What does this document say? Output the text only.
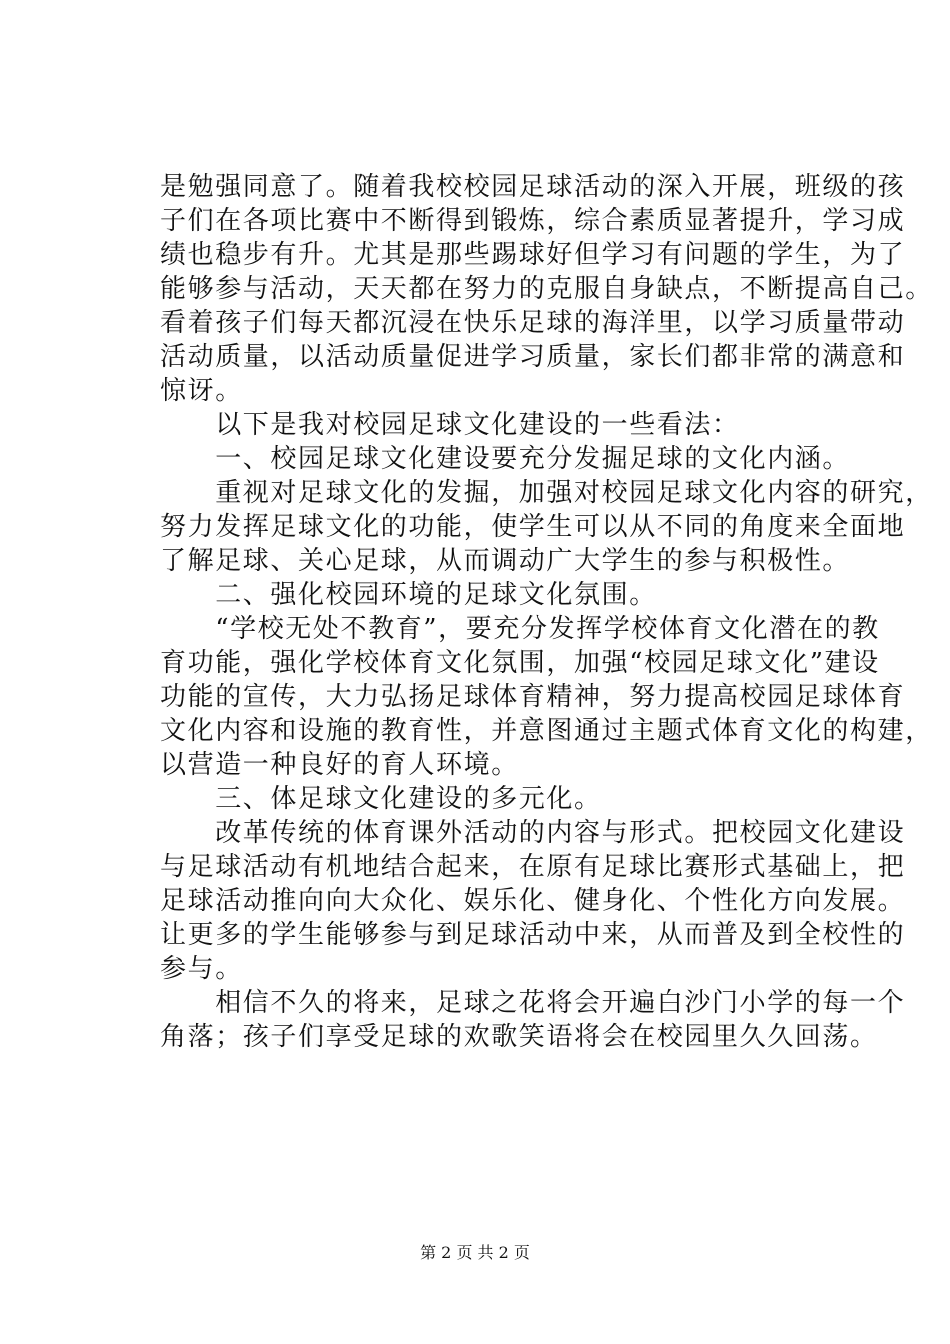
是勉强同意了。随着我校校园足球活动的深入开展，班级的孩
子们在各项比赛中不断得到锻炼，综合素质显著提升，学习成
绩也稳步有升。尤其是那些踢球好但学习有问题的学生，为了
能够参与活动，天天都在努力的克服自身缺点，不断提高自己。
看着孩子们每天都沉浸在快乐足球的海洋里，以学习质量带动
活动质量，以活动质量促进学习质量，家长们都非常的满意和
惊讶。
　　以下是我对校园足球文化建设的一些看法：
　　一、校园足球文化建设要充分发掘足球的文化内涵。
　　重视对足球文化的发掘，加强对校园足球文化内容的研究，
努力发挥足球文化的功能，使学生可以从不同的角度来全面地
了解足球、关心足球，从而调动广大学生的参与积极性。
　　二、强化校园环境的足球文化氛围。
　　“学校无处不教育”，要充分发挥学校体育文化潜在的教
育功能，强化学校体育文化氛围，加强“校园足球文化”建设
功能的宣传，大力弘扬足球体育精神，努力提高校园足球体育
文化内容和设施的教育性，并意图通过主题式体育文化的构建，
以营造一种良好的育人环境。
　　三、体足球文化建设的多元化。
　　改革传统的体育课外活动的内容与形式。把校园文化建设
与足球活动有机地结合起来，在原有足球比赛形式基础上，把
足球活动推向向大众化、娱乐化、健身化、个性化方向发展。
让更多的学生能够参与到足球活动中来，从而普及到全校性的
参与。
　　相信不久的将来，足球之花将会开遍白沙门小学的每一个
角落；孩子们享受足球的欢歌笑语将会在校园里久久回荡。
第 2 页 共 2 页
